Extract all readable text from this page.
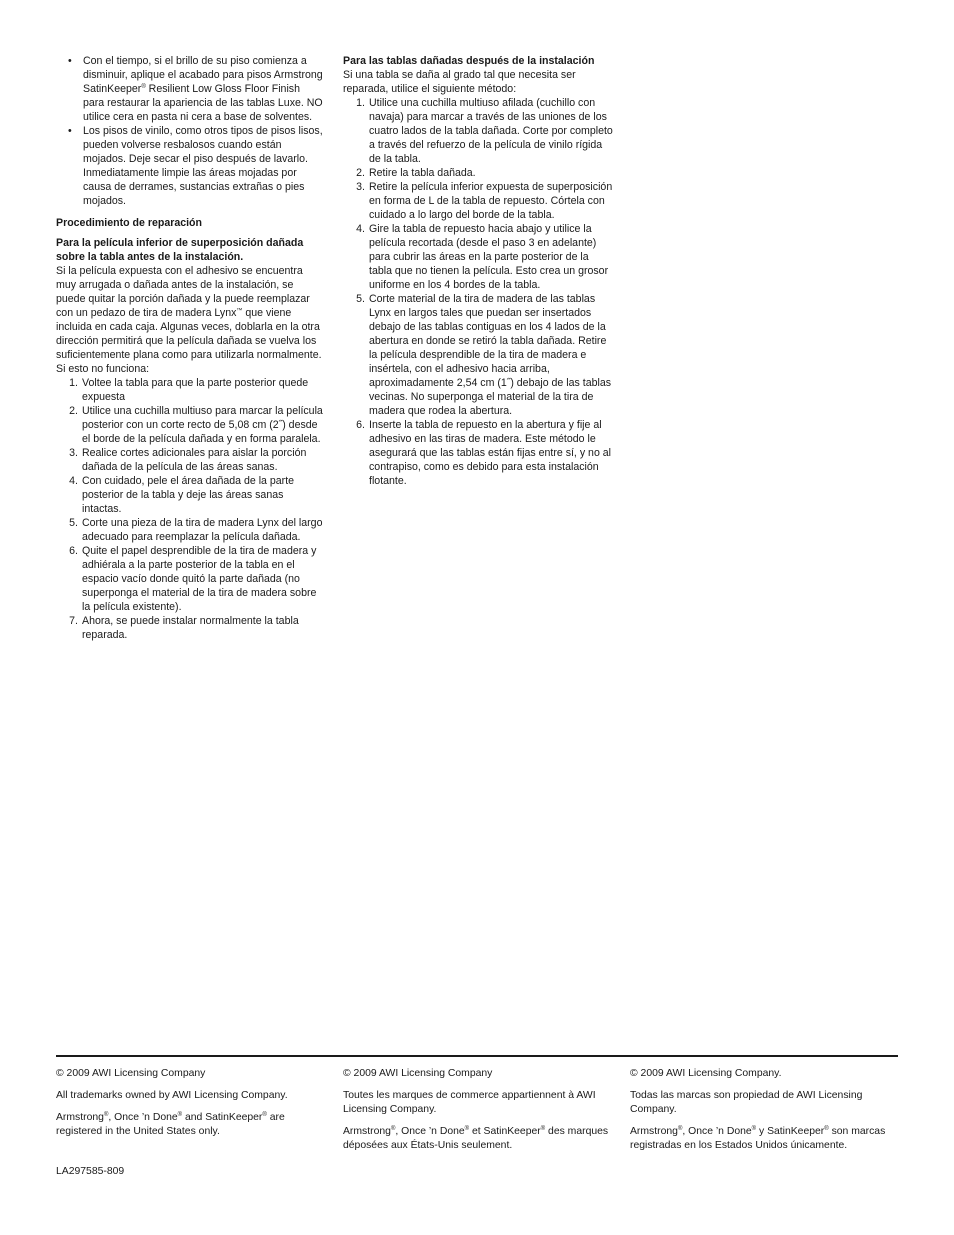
• Con el tiempo, si el brillo de su piso comienza a disminuir, aplique el acabado para pisos Armstrong SatinKeeper® Resilient Low Gloss Floor Finish para restaurar la apariencia de las tablas Luxe. NO utilice cera en pasta ni cera a base de solventes.
• Los pisos de vinilo, como otros tipos de pisos lisos, pueden volverse resbalosos cuando están mojados. Deje secar el piso después de lavarlo. Inmediatamente limpie las áreas mojadas por causa de derrames, sustancias extrañas o pies mojados.
Procedimiento de reparación
Para la película inferior de superposición dañada sobre la tabla antes de la instalación.

Si la película expuesta con el adhesivo se encuentra muy arrugada o dañada antes de la instalación, se puede quitar la porción dañada y la puede reemplazar con un pedazo de tira de madera Lynx™ que viene incluida en cada caja. Algunas veces, doblarla en la otra dirección permitirá que la película dañada se vuelva los suficientemente plana como para utilizarla normalmente. Si esto no funciona:

1. Voltee la tabla para que la parte posterior quede expuesta
2. Utilice una cuchilla multiuso para marcar la película posterior con un corte recto de 5,08 cm (2˝) desde el borde de la película dañada y en forma paralela.
3. Realice cortes adicionales para aislar la porción dañada de la película de las áreas sanas.
4. Con cuidado, pele el área dañada de la parte posterior de la tabla y deje las áreas sanas intactas.
5. Corte una pieza de la tira de madera Lynx del largo adecuado para reemplazar la película dañada.
6. Quite el papel desprendible de la tira de madera y adhiérala a la parte posterior de la tabla en el espacio vacío donde quitó la parte dañada (no superponga el material de la tira de madera sobre la película existente).
7. Ahora, se puede instalar normalmente la tabla reparada.
Para las tablas dañadas después de la instalación

Si una tabla se daña al grado tal que necesita ser reparada, utilice el siguiente método:

1. Utilice una cuchilla multiuso afilada (cuchillo con navaja) para marcar a través de las uniones de los cuatro lados de la tabla dañada. Corte por completo a través del refuerzo de la película de vinilo rígida de la tabla.
2. Retire la tabla dañada.
3. Retire la película inferior expuesta de superposición en forma de L de la tabla de repuesto. Córtela con cuidado a lo largo del borde de la tabla.
4. Gire la tabla de repuesto hacia abajo y utilice la película recortada (desde el paso 3 en adelante) para cubrir las áreas en la parte posterior de la tabla que no tienen la película. Esto crea un grosor uniforme en los 4 bordes de la tabla.
5. Corte material de la tira de madera de las tablas Lynx en largos tales que puedan ser insertados debajo de las tablas contiguas en los 4 lados de la abertura en donde se retiró la tabla dañada. Retire la película desprendible de la tira de madera e insértela, con el adhesivo hacia arriba, aproximadamente 2,54 cm (1˝) debajo de las tablas vecinas. No superponga el material de la tira de madera que rodea la abertura.
6. Inserte la tabla de repuesto en la abertura y fije al adhesivo en las tiras de madera. Este método le asegurará que las tablas están fijas entre sí, y no al contrapiso, como es debido para esta instalación flotante.

© 2009 AWI Licensing Company

All trademarks owned by AWI Licensing Company.

Armstrong®, Once ’n Done® and SatinKeeper® are registered in the United States only.

© 2009 AWI Licensing Company

Toutes les marques de commerce appartiennent à AWI Licensing Company.

Armstrong®, Once ’n Done® et SatinKeeper® des marques déposées aux États-Unis seulement.

© 2009 AWI Licensing Company.

Todas las marcas son propiedad de AWI Licensing Company.

Armstrong®, Once ’n Done® y SatinKeeper® son marcas registradas en los Estados Unidos únicamente.

LA297585-809
